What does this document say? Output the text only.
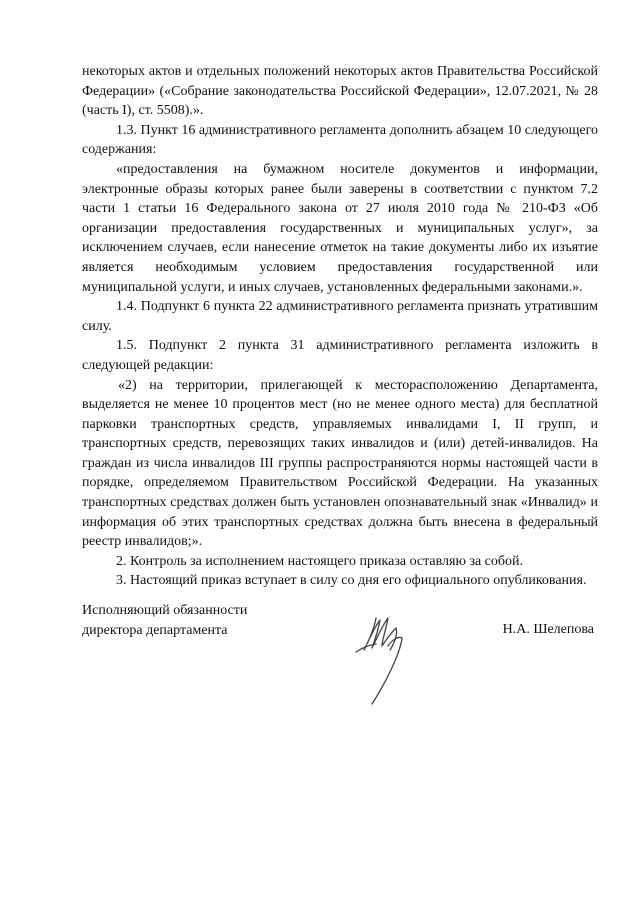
некоторых актов и отдельных положений некоторых актов Правительства Российской Федерации» («Собрание законодательства Российской Федерации», 12.07.2021, № 28 (часть I), ст. 5508).».

1.3. Пункт 16 административного регламента дополнить абзацем 10 следующего содержания:

«предоставления на бумажном носителе документов и информации, электронные образы которых ранее были заверены в соответствии с пунктом 7.2 части 1 статьи 16 Федерального закона от 27 июля 2010 года № 210-ФЗ «Об организации предоставления государственных и муниципальных услуг», за исключением случаев, если нанесение отметок на такие документы либо их изъятие является необходимым условием предоставления государственной или муниципальной услуги, и иных случаев, установленных федеральными законами.».

1.4. Подпункт 6 пункта 22 административного регламента признать утратившим силу.

1.5. Подпункт 2 пункта 31 административного регламента изложить в следующей редакции:

«2) на территории, прилегающей к месторасположению Департамента, выделяется не менее 10 процентов мест (но не менее одного места) для бесплатной парковки транспортных средств, управляемых инвалидами I, II групп, и транспортных средств, перевозящих таких инвалидов и (или) детей-инвалидов. На граждан из числа инвалидов III группы распространяются нормы настоящей части в порядке, определяемом Правительством Российской Федерации. На указанных транспортных средствах должен быть установлен опознавательный знак «Инвалид» и информация об этих транспортных средствах должна быть внесена в федеральный реестр инвалидов;».

2. Контроль за исполнением настоящего приказа оставляю за собой.

3. Настоящий приказ вступает в силу со дня его официального опубликования.

Исполняющий обязанности
директора департамента	Н.А. Шелепова
